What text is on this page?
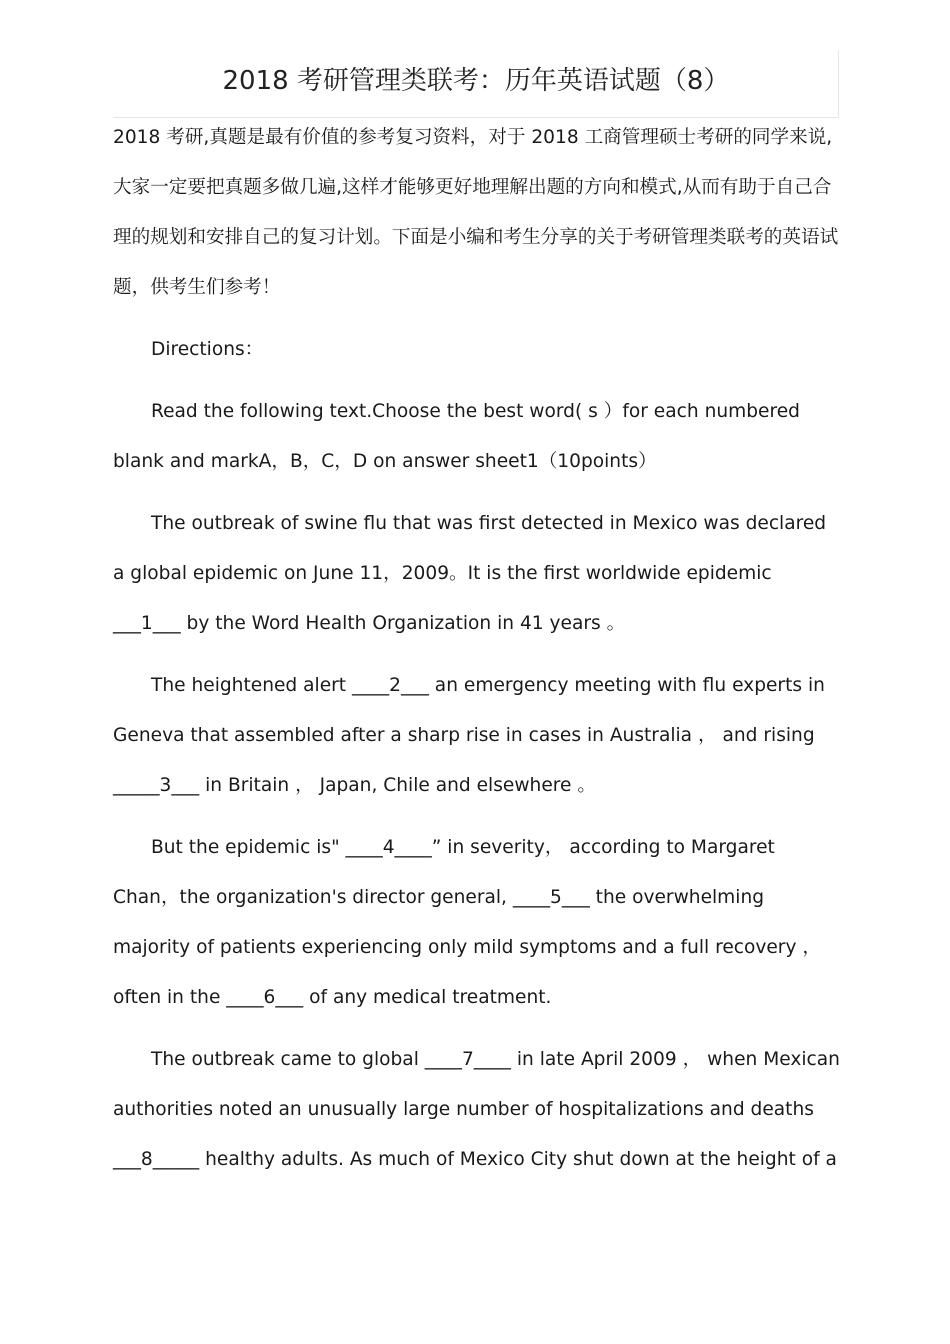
2018 考研管理类联考：历年英语试题（8）

2018 考研,真题是最有价值的参考复习资料，对于 2018 工商管理硕士考研的同学来说,大家一定要把真题多做几遍,这样才能够更好地理解出题的方向和模式,从而有助于自己合理的规划和安排自己的复习计划。下面是小编和考生分享的关于考研管理类联考的英语试题，供考生们参考！

Directions：

Read the following text.Choose the best word( s ）for each numbered blank and markA，B，C，D on answer sheet1（10points）

The outbreak of swine flu that was first detected in Mexico was declared a global epidemic on June 11，2009。It is the first worldwide epidemic ___1___ by the Word Health Organization in 41 years 。

The heightened alert ____2___ an emergency meeting with flu experts in Geneva that assembled after a sharp rise in cases in Australia ， and rising _____3___ in Britain ， Japan, Chile and elsewhere 。

But the epidemic is" ____4____” in severity， according to Margaret Chan，the organization's director general, ____5___ the overwhelming majority of patients experiencing only mild symptoms and a full recovery ， often in the ____6___ of any medical treatment.

The outbreak came to global ____7____ in late April 2009 ， when Mexican authorities noted an unusually large number of hospitalizations and deaths ___8_____ healthy adults. As much of Mexico City shut down at the height of a
